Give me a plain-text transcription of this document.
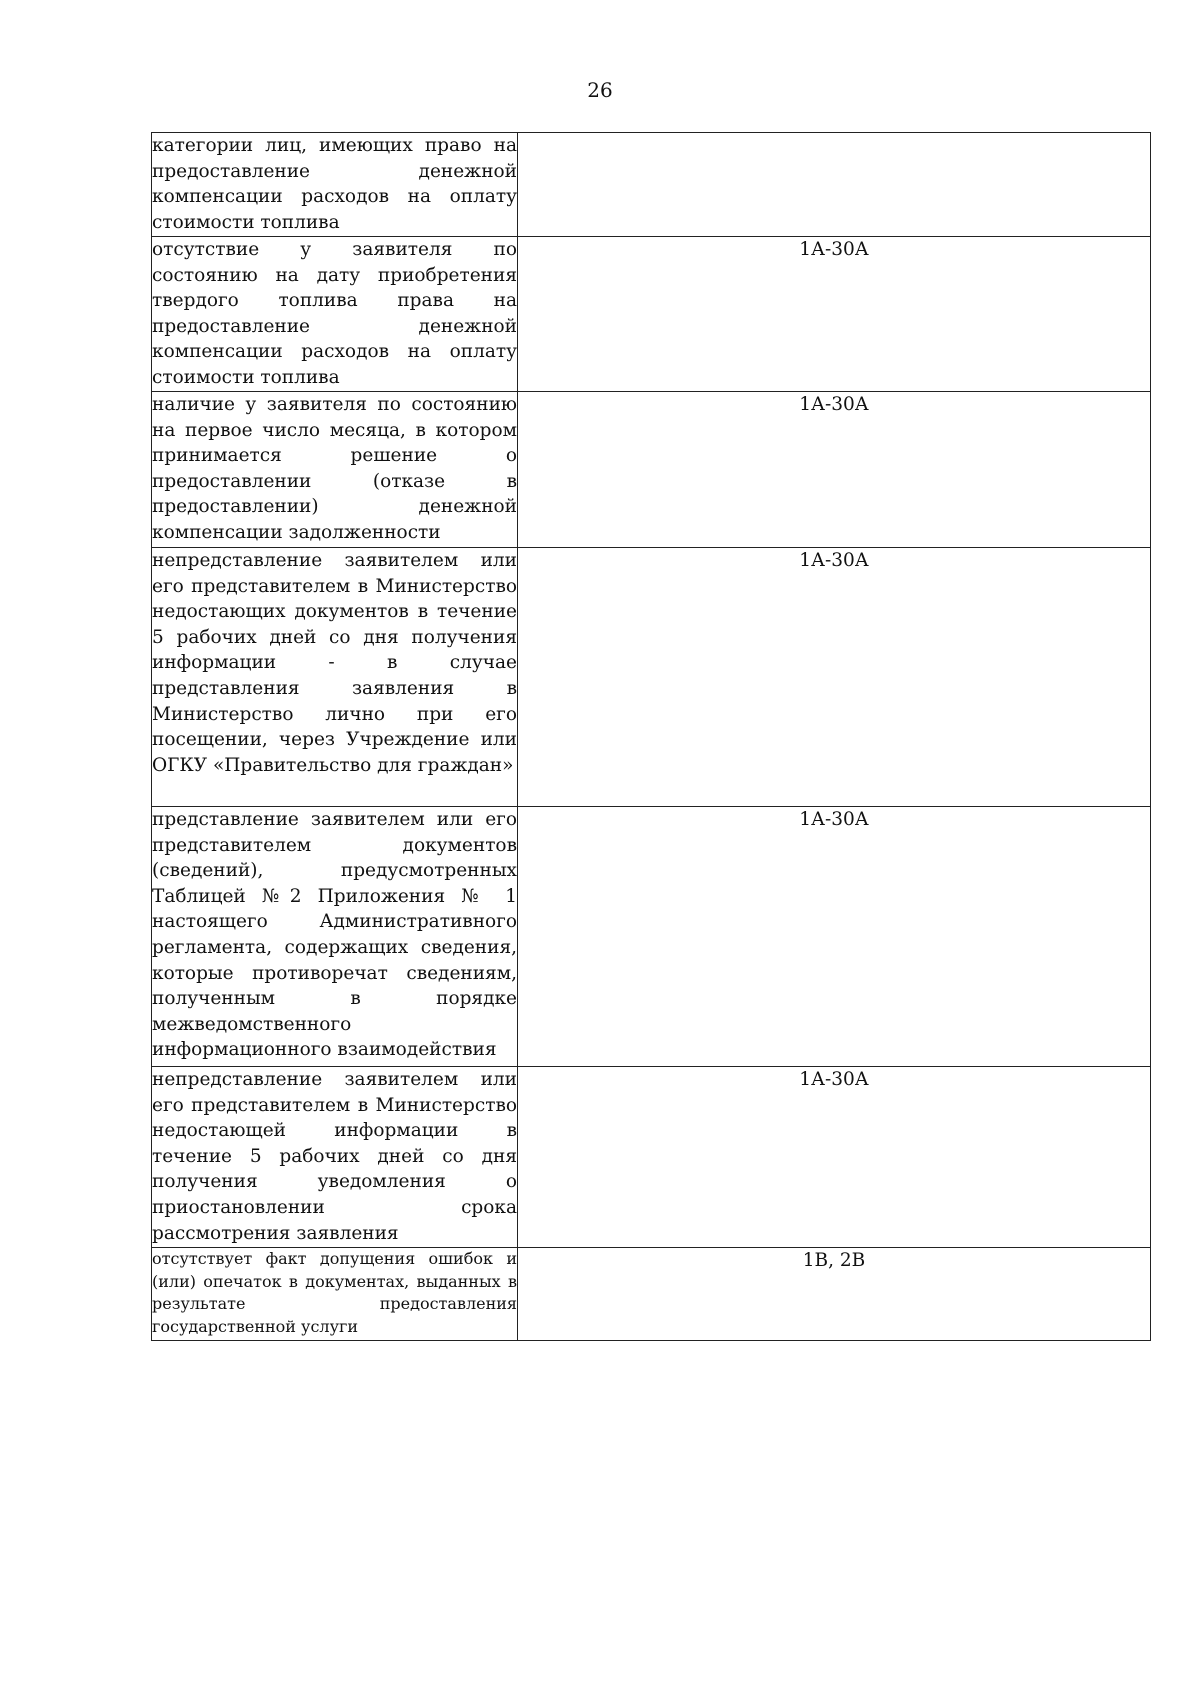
26
категории лиц, имеющих право на предоставление денежной компенсации расходов на оплату стоимости топлива	
отсутствие у заявителя по состоянию на дату приобретения твердого топлива права на предоставление денежной компенсации расходов на оплату стоимости топлива	1А-30А
наличие у заявителя по состоянию на первое число месяца, в котором принимается решение о предоставлении (отказе в предоставлении) денежной компенсации задолженности	1А-30А
непредставление заявителем или его представителем в Министерство недостающих документов в течение 5 рабочих дней со дня получения информации - в случае представления заявления в Министерство лично при его посещении, через Учреждение или ОГКУ «Правительство для граждан»	1А-30А
представление заявителем или его представителем документов (сведений), предусмотренных Таблицей №2 Приложения № 1 настоящего Административного регламента, содержащих сведения, которые противоречат сведениям, полученным в порядке межведомственного информационного взаимодействия	1А-30А
непредставление заявителем или его представителем в Министерство недостающей информации в течение 5 рабочих дней со дня получения уведомления о приостановлении срока рассмотрения заявления	1А-30А
отсутствует факт допущения ошибок и (или) опечаток в документах, выданных в результате предоставления государственной услуги	1В, 2В
